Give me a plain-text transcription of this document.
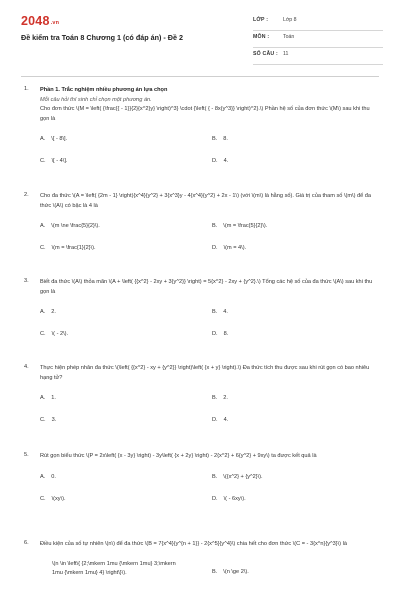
2048.vn
Đề kiểm tra Toán 8 Chương 1 (có đáp án) - Đề 2
LỚP :	Lớp 8
MÔN :	Toán
SỐ CÂU : 11
1. Phần 1. Trắc nghiệm nhiều phương án lựa chọn
Mỗi câu hỏi thí sinh chỉ chọn một phương án.
Cho đơn thức \(M = \left( {\frac{{ - 1}}{2}{x^2}y} \right)^3} \cdot {\left( { - 8x{y^3}} \right)^2}.\) Phần hệ số của đơn thức \(M\) sau khi thu gọn là
A. \[ - 8\].	B. 8.
C. \[ - 4\].	D. 4.
2. Cho đa thức \(A = \left( {2m - 1} \right){x^4}{y^2} + 3{x^3}y - 4{x^4}{y^2} + 2x - 1\) (với \(m\) là hằng số). Giá trị của tham số \(m\) để đa thức \(A\) có bậc là 4 là
A. \(m \ne \frac{5}{2}\).	B. \(m = \frac{5}{2}\).
C. \(m = \frac{1}{2}\).	D. \(m = 4\).
3. Biết đa thức \(A\) thỏa mãn \(A + \left( {{x^2} - 2xy + 3{y^2}} \right) = 5{x^2} - 2xy + {y^2}.\) Tổng các hệ số của đa thức \(A\) sau khi thu gọn là
A. 2.	B. 4.
C. \( - 2\).	D. 8.
4. Thực hiện phép nhân đa thức \(\left( {{x^2} - xy + {y^2}} \right)\left( {x + y} \right).\) Đa thức tích thu được sau khi rút gọn có bao nhiêu hạng tử?
A. 1.	B. 2.
C. 3.	D. 4.
5. Rút gọn biểu thức \(P = 2x\left( {x - 3y} \right) - 3y\left( {x + 2y} \right) - 2{x^2} + 6{y^2} + 9xy\) ta được kết quả là
A. 0.	B. \({x^2} + {y^2}\).
C. \(xy\).	D. \( - 6xy\).
6. Điều kiện của số tự nhiên \(n\) để đa thức \(B = 7{x^4}{y^{n + 1}} - 2{x^5}{y^4}\) chia hết cho đơn thức \(C = - 3{x^n}{y^3}\) là
\(n \in \left\{ {2;\mkern 1mu {\mkern 1mu} 3;\mkern 1mu {\mkern 1mu} 4} \right\}\).	B. \(n \ge 2\).
